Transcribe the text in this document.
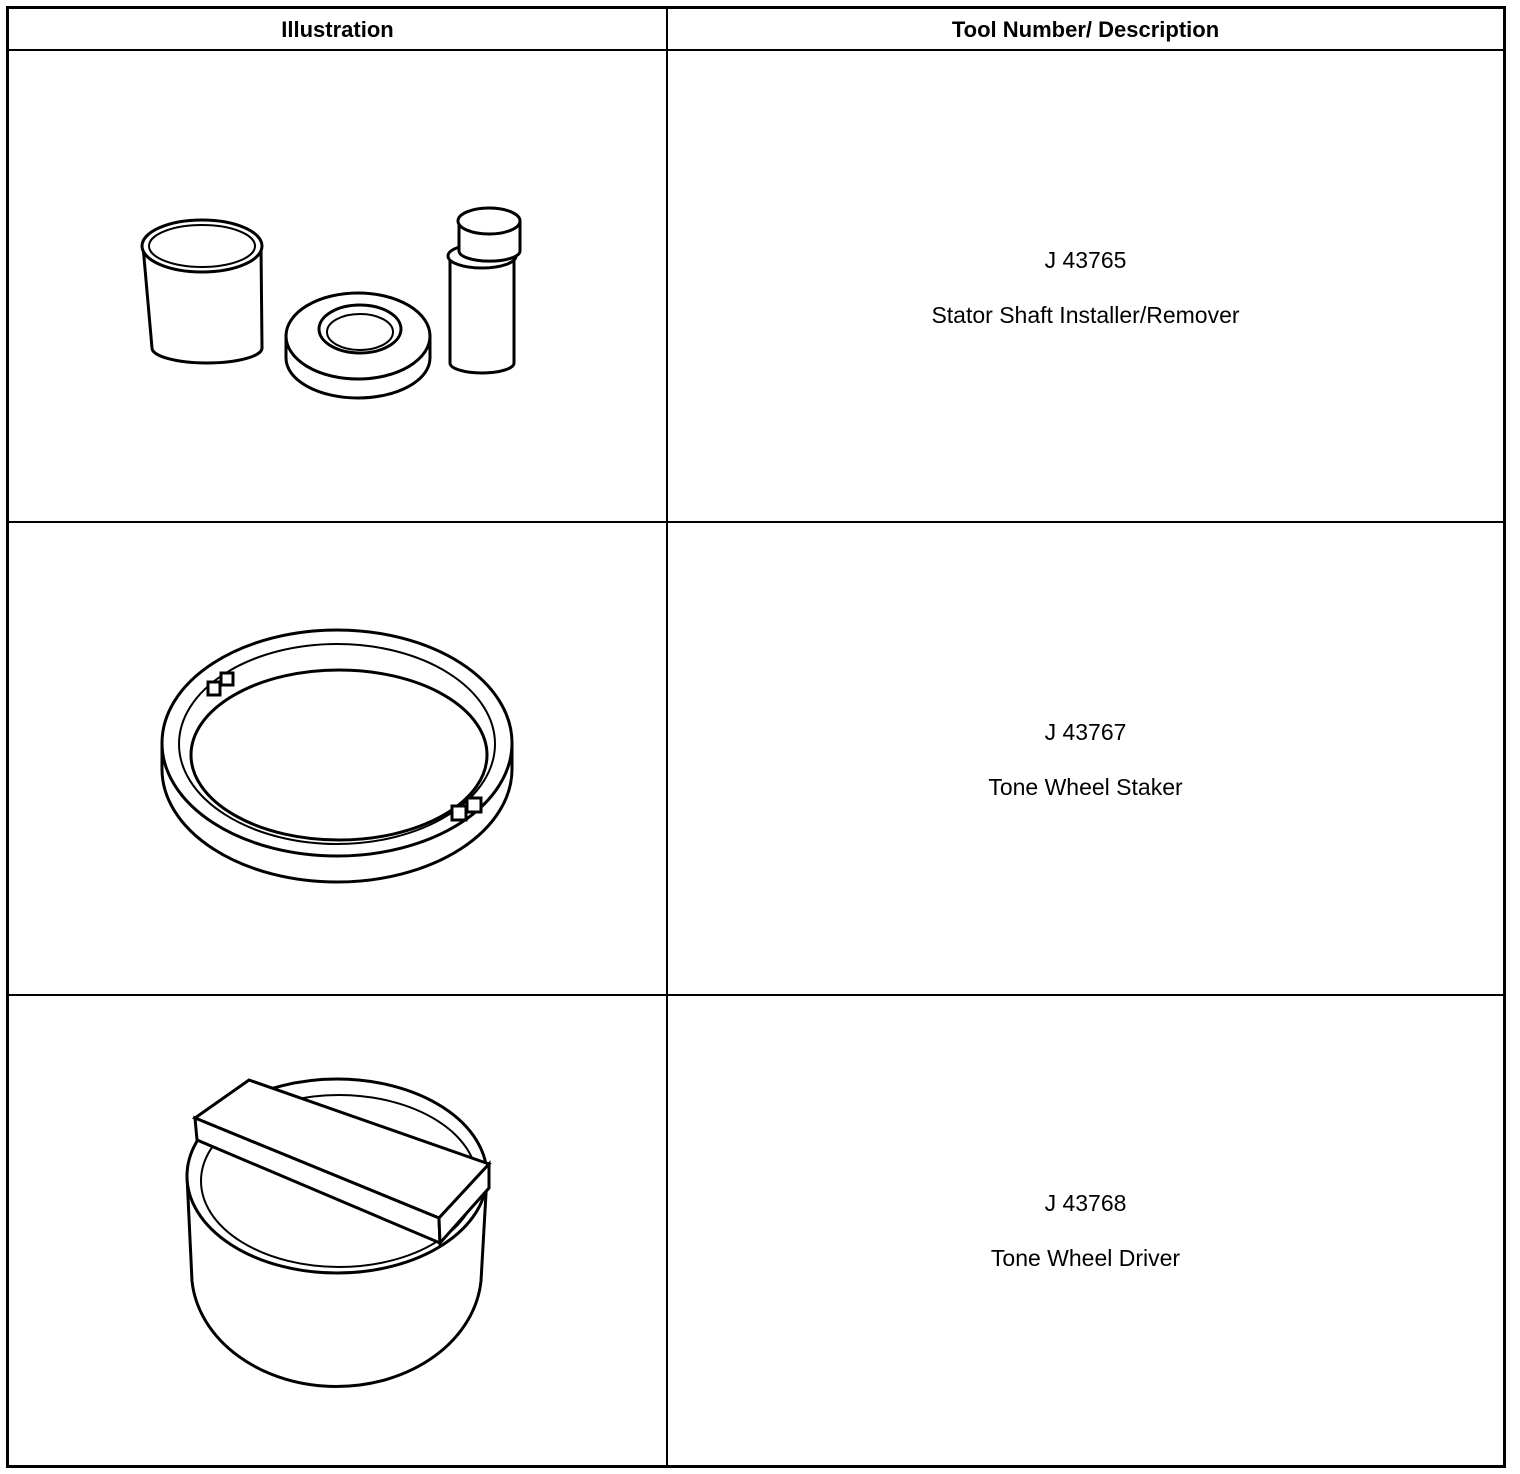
Illustration	Tool Number/ Description
J 43765
Stator Shaft Installer/Remover
J 43767
Tone Wheel Staker
J 43768
Tone Wheel Driver
